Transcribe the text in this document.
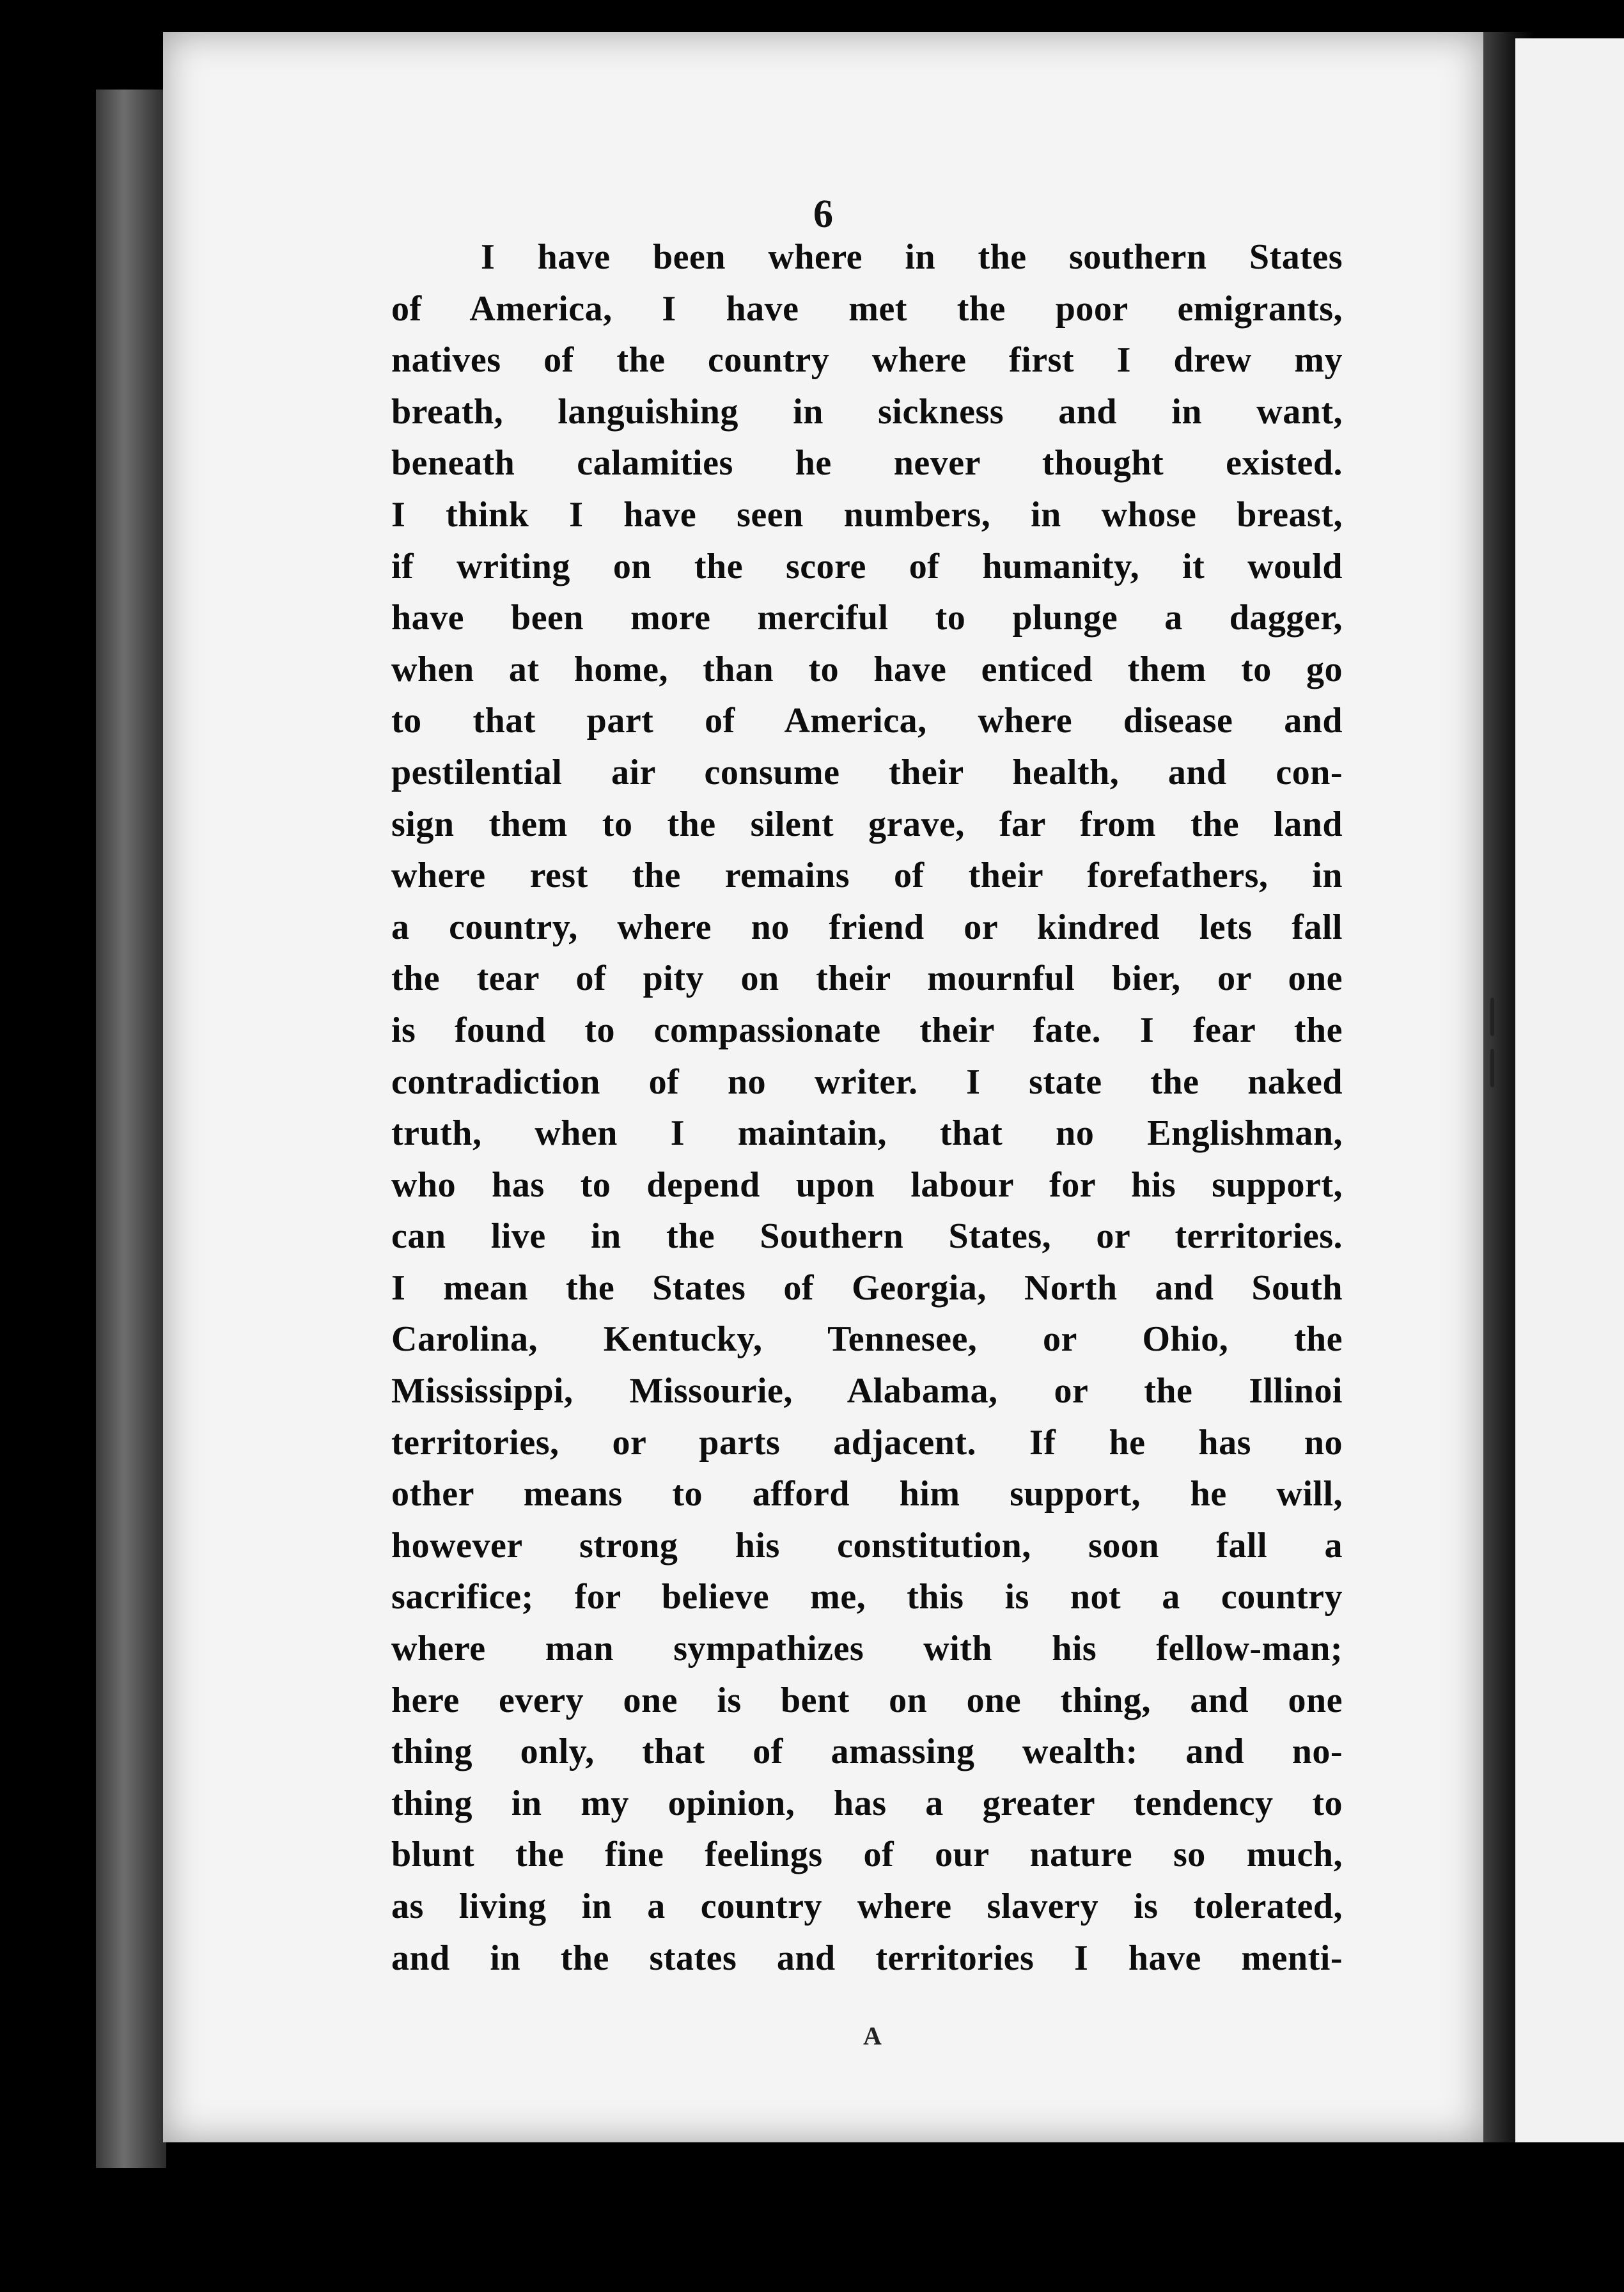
6
I have been where in the southern States
of America, I have met the poor emigrants,
natives of the country where first I drew my
breath, languishing in sickness and in want,
beneath calamities he never thought existed.
I think I have seen numbers, in whose breast,
if writing on the score of humanity, it would
have been more merciful to plunge a dagger,
when at home, than to have enticed them to go
to that part of America, where disease and
pestilential air consume their health, and con-
sign them to the silent grave, far from the land
where rest the remains of their forefathers, in
a country, where no friend or kindred lets fall
the tear of pity on their mournful bier, or one
is found to compassionate their fate. I fear the
contradiction of no writer. I state the naked
truth, when I maintain, that no Englishman,
who has to depend upon labour for his support,
can live in the Southern States, or territories.
I mean the States of Georgia, North and South
Carolina, Kentucky, Tennesee, or Ohio, the
Mississippi, Missourie, Alabama, or the Illinoi
territories, or parts adjacent. If he has no
other means to afford him support, he will,
however strong his constitution, soon fall a
sacrifice; for believe me, this is not a country
where man sympathizes with his fellow-man;
here every one is bent on one thing, and one
thing only, that of amassing wealth: and no-
thing in my opinion, has a greater tendency to
blunt the fine feelings of our nature so much,
as living in a country where slavery is tolerated,
and in the states and territories I have menti-
A
